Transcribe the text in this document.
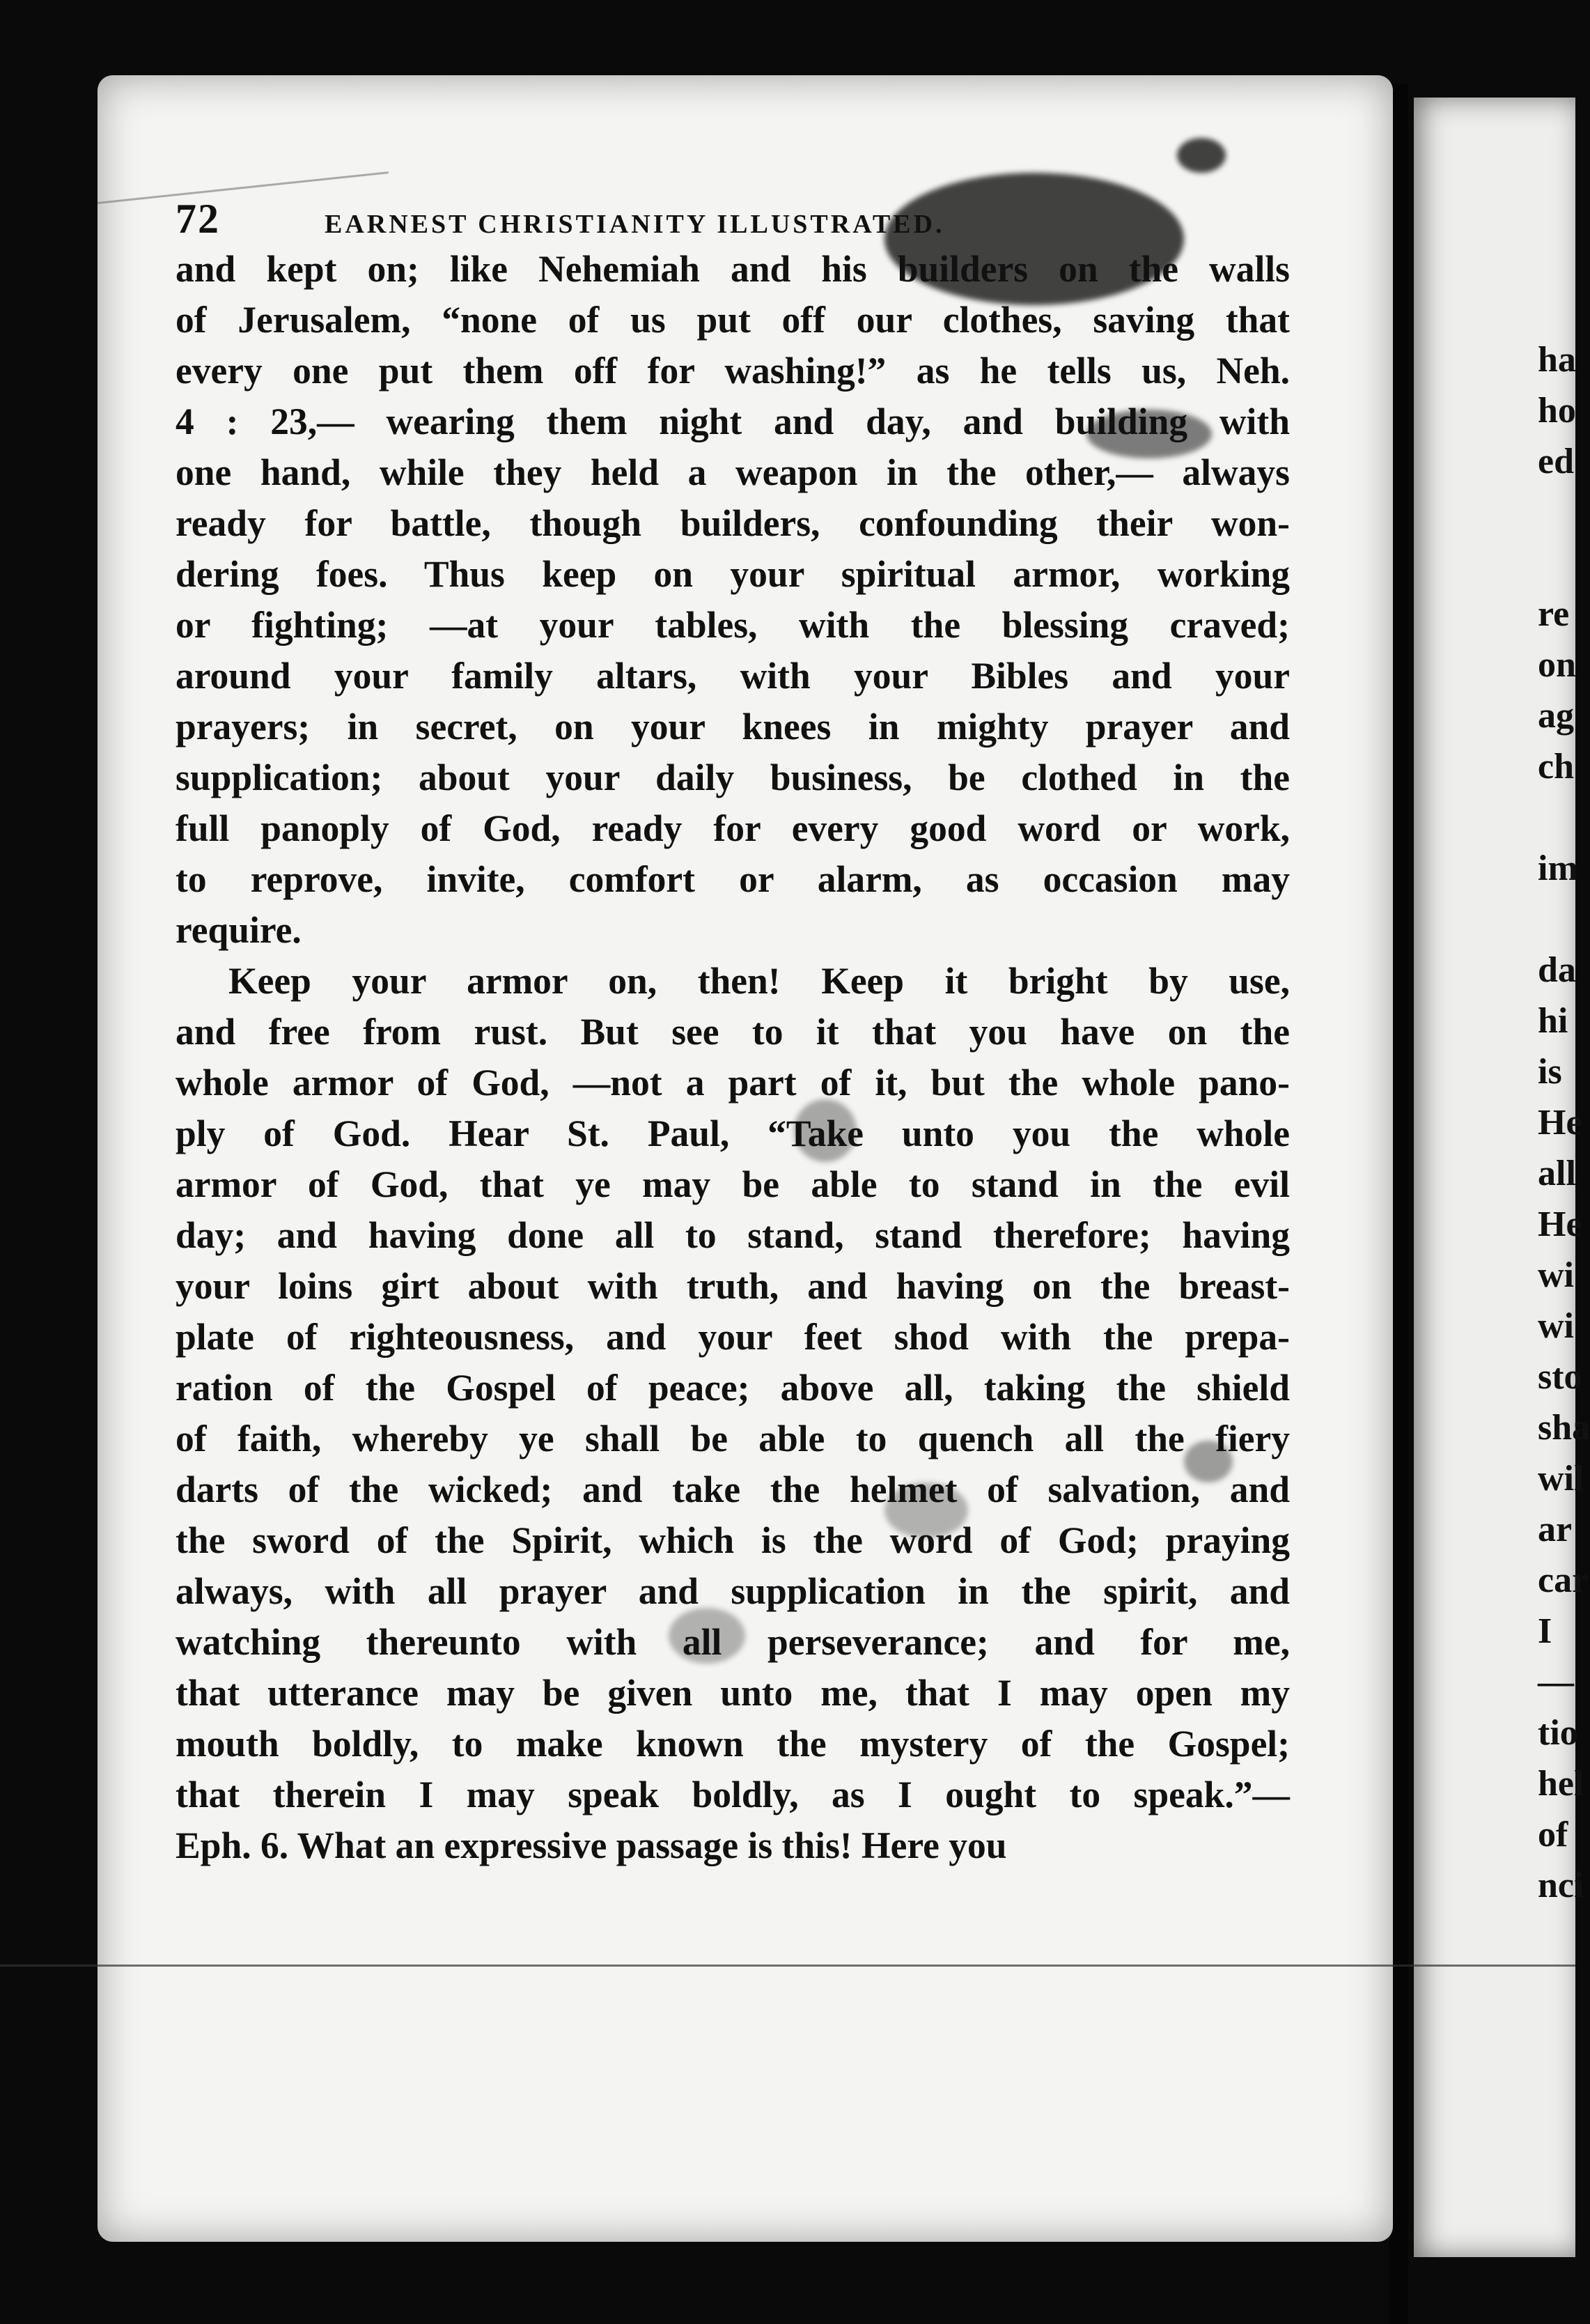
72	EARNEST CHRISTIANITY ILLUSTRATED.
and kept on; like Nehemiah and his builders on the walls
of Jerusalem, “none of us put off our clothes, saving that
every one put them off for washing!” as he tells us, Neh.
4 : 23,— wearing them night and day, and building with
one hand, while they held a weapon in the other,— always
ready for battle, though builders, confounding their won-
dering foes. Thus keep on your spiritual armor, working
or fighting; —at your tables, with the blessing craved;
around your family altars, with your Bibles and your
prayers; in secret, on your knees in mighty prayer and
supplication; about your daily business, be clothed in the
full panoply of God, ready for every good word or work,
to reprove, invite, comfort or alarm, as occasion may
require.
Keep your armor on, then! Keep it bright by use,
and free from rust. But see to it that you have on the
whole armor of God, —not a part of it, but the whole pano-
ply of God. Hear St. Paul, “Take unto you the whole
armor of God, that ye may be able to stand in the evil
day; and having done all to stand, stand therefore; having
your loins girt about with truth, and having on the breast-
plate of righteousness, and your feet shod with the prepa-
ration of the Gospel of peace; above all, taking the shield
of faith, whereby ye shall be able to quench all the fiery
darts of the wicked; and take the helmet of salvation, and
the sword of the Spirit, which is the word of God; praying
always, with all prayer and supplication in the spirit, and
watching thereunto with all perseverance; and for me,
that utterance may be given unto me, that I may open my
mouth boldly, to make known the mystery of the Gospel;
that therein I may speak boldly, as I ought to speak.”—
Eph. 6. What an expressive passage is this! Here you
ha
ho
ed
re
on
ag
ch
im
da
hi
is
He
all
He
wi
wi
sto
sha
wil
ar
car
I
—
tio
hel
of
nci
